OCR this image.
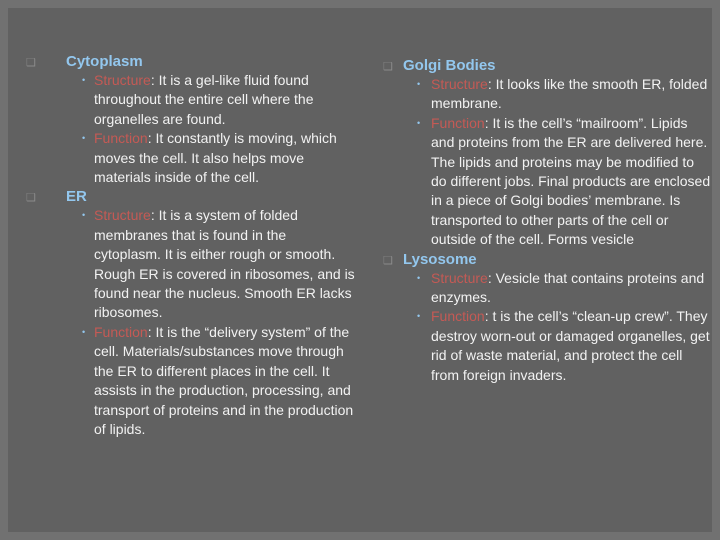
❑ Cytoplasm
• Structure: It is a gel-like fluid found throughout the entire cell where the organelles are found.
• Function: It constantly is moving, which moves the cell. It also helps move materials inside of the cell.
❑ ER
• Structure: It is a system of folded membranes that is found in the cytoplasm. It is either rough or smooth. Rough ER is covered in ribosomes, and is found near the nucleus. Smooth ER lacks ribosomes.
• Function: It is the “delivery system” of the cell. Materials/substances move through the ER to different places in the cell. It assists in the production, processing, and transport of proteins and in the production of lipids.
❑ Golgi Bodies
• Structure: It looks like the smooth ER, folded membrane.
• Function: It is the cell’s “mailroom”. Lipids and proteins from the ER are delivered here. The lipids and proteins may be modified to do different jobs. Final products are enclosed in a piece of Golgi bodies’ membrane. Is transported to other parts of the cell or outside of the cell. Forms vesicle
❑ Lysosome
• Structure: Vesicle that contains proteins and enzymes.
• Function: t is the cell’s “clean-up crew”. They destroy worn-out or damaged organelles, get rid of waste material, and protect the cell from foreign invaders.
